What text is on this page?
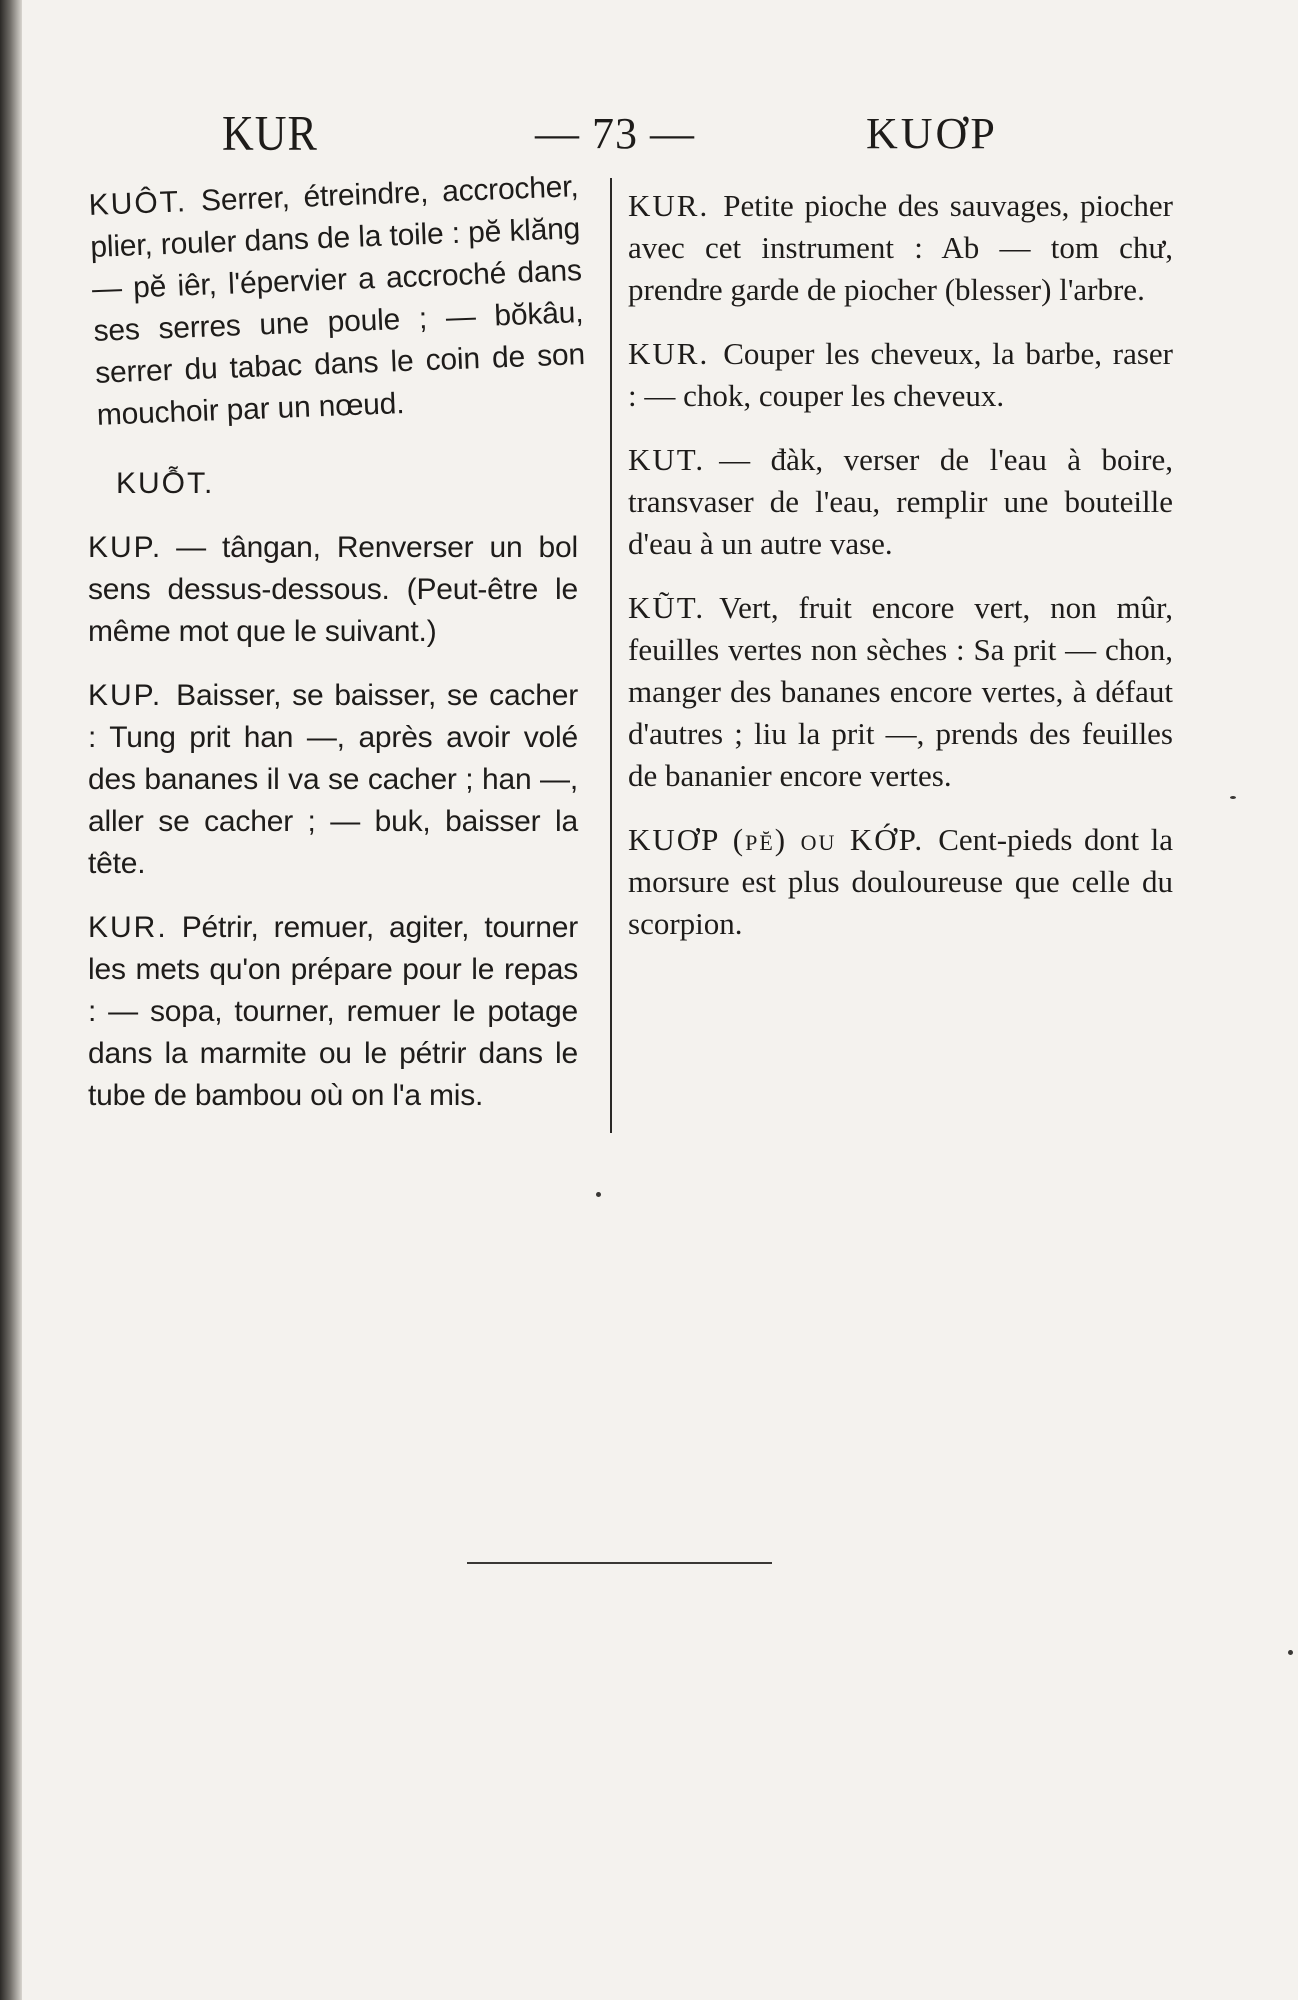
KUR	— 73 —	KUƠP

KUÔT. Serrer, étreindre, accrocher, plier, rouler dans de la toile : pĕ klăng — pĕ iêr, l'épervier a accroché dans ses serres une poule ; — bŏkâu, serrer du tabac dans le coin de son mouchoir par un nœud.

KUỖT.

KUP. — tângan, Renverser un bol sens dessus-dessous. (Peut-être le même mot que le suivant.)

KUP. Baisser, se baisser, se cacher : Tung prit han —, après avoir volé des bananes il va se cacher ; han —, aller se cacher ; — buk, baisser la tête.

KUR. Pétrir, remuer, agiter, tourner les mets qu'on prépare pour le repas : — sopa, tourner, remuer le potage dans la marmite ou le pétrir dans le tube de bambou où on l'a mis.

KUR. Petite pioche des sauvages, piocher avec cet instrument : Ab — tom chư, prendre garde de piocher (blesser) l'arbre.

KUR. Couper les cheveux, la barbe, raser : — chok, couper les cheveux.

KUT. — đàk, verser de l'eau à boire, transvaser de l'eau, remplir une bouteille d'eau à un autre vase.

KŨT. Vert, fruit encore vert, non mûr, feuilles vertes non sèches : Sa prit — chon, manger des bananes encore vertes, à défaut d'autres ; liu la prit —, prends des feuilles de bananier encore vertes.

KUƠP (pĕ) ou KỚP. Cent-pieds dont la morsure est plus douloureuse que celle du scorpion.
